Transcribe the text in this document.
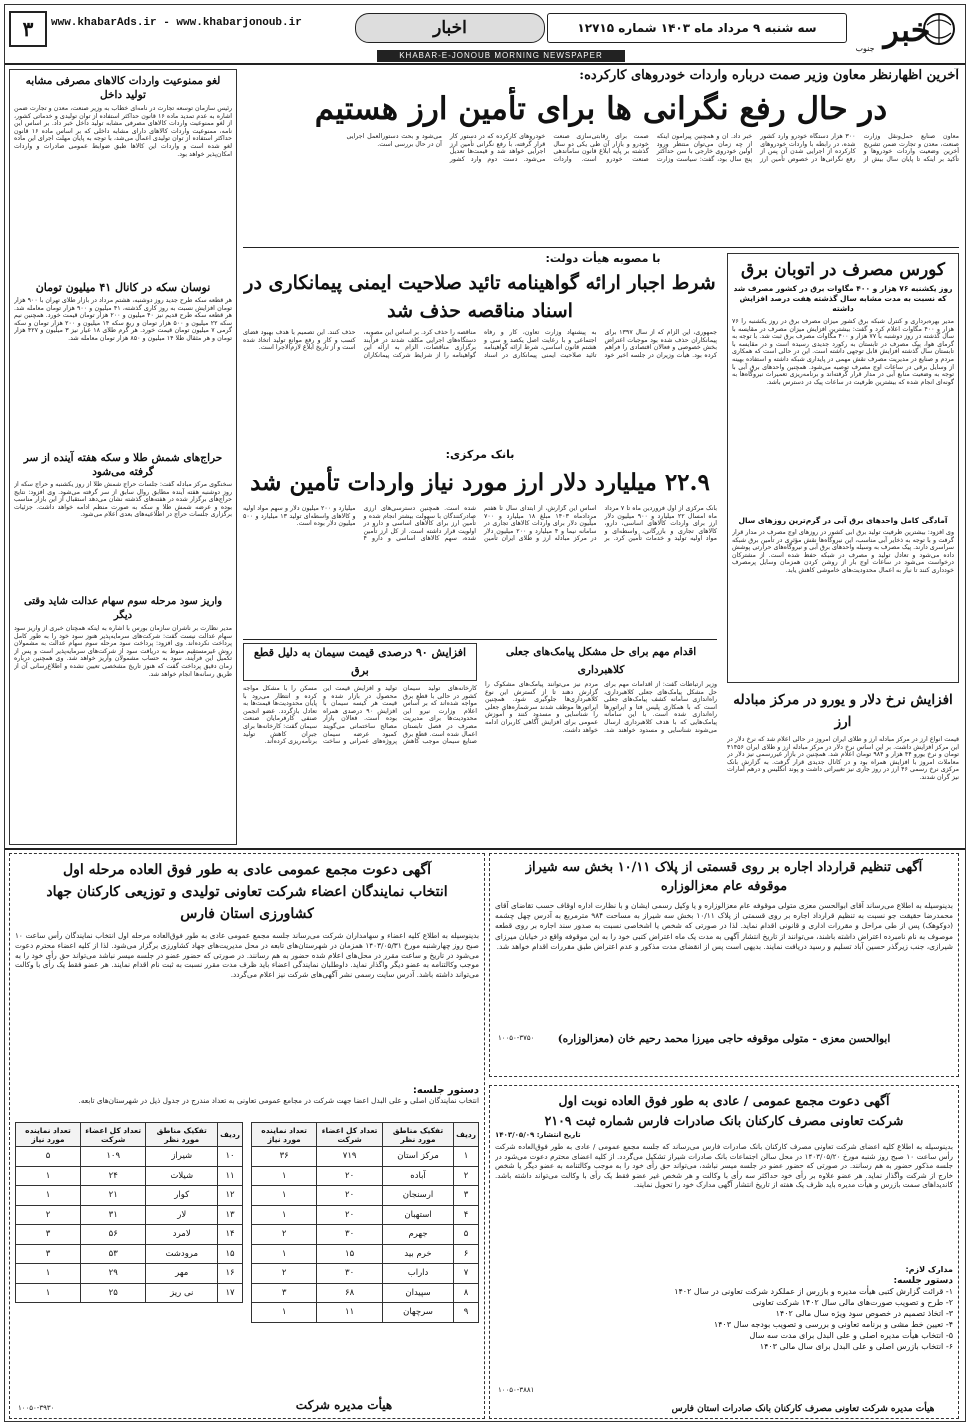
خبر
جنوب
سه شنبه ۹ مرداد ماه ۱۴۰۳ شماره ۱۲۷۱۵
اخبار
www.khabarAds.ir - www.khabarjonoub.ir
۳
KHABAR-E-JONOUB MORNING NEWSPAPER
آخرین اظهارنظر معاون وزیر صمت درباره واردات خودروهای کارکرده:
در حال رفع نگرانی ها برای تأمین ارز هستیم
معاون صنایع حمل‌ونقل وزارت صنعت، معدن و تجارت ضمن تشریح آخرین وضعیت واردات خودروها و تأکید بر اینکه تا پایان سال بیش از ۳۰۰ هزار دستگاه خودرو وارد کشور شده، در رابطه با واردات خودروهای کارکرده از اجرایی شدن آن پس از رفع نگرانی‌ها در خصوص تأمین ارز خبر داد. آن و همچنین پیرامون اینکه از چه زمان می‌توان منتظر ورود اولین خودروی خارجی با سن حداکثر پنج سال بود، گفت: سیاست وزارت صمت برای رقابتی‌سازی صنعت خودرو و بازار آن طی یکی دو سال گذشته بر پایه ابلاغ قانون ساماندهی صنعت خودرو است. واردات خودروهای کارکرده که در دستور کار قرار گرفته، با رفع نگرانی تأمین ارز اجرایی خواهد شد و قیمت‌ها تعدیل می‌شود. دست دوم وارد کشور می‌شود و بحث دستورالعمل اجرایی آن در حال بررسی است.
کورس مصرف در اتوبان برق
روز یکشنبه ۷۶ هزار و ۴۰۰ مگاوات برق در کشور مصرف شد که نسبت به مدت مشابه سال گذشته هفت درصد افزایش داشته
مدیر بهره‌برداری و کنترل شبکه برق کشور میزان مصرف برق در روز یکشنبه را ۷۶ هزار و ۴۰۰ مگاوات اعلام کرد و گفت: بیشترین افزایش میزان مصرف در مقایسه با سال گذشته در روز دوشنبه با ۷۷ هزار و ۴۰۰ مگاوات مصرف برق ثبت شد. با توجه به گرمای هوا، پیک مصرف در تابستان به رکورد جدیدی رسیده است و در مقایسه با تابستان سال گذشته افزایش قابل توجهی داشته است. این در حالی است که همکاری مردم و صنایع در مدیریت مصرف نقش مهمی در پایداری شبکه داشته و استفاده بهینه از وسایل برقی در ساعات اوج مصرف توصیه می‌شود. همچنین واحدهای برق آبی با توجه به وضعیت منابع آبی در مدار قرار گرفته‌اند و برنامه‌ریزی تعمیرات نیروگاه‌ها به گونه‌ای انجام شده که بیشترین ظرفیت در ساعات پیک در دسترس باشد.
آمادگی کامل واحدهای برق آبی در گرم‌ترین روزهای سال
وی افزود: بیشترین ظرفیت تولید برق آبی کشور در روزهای اوج مصرف در مدار قرار گرفت و با توجه به ذخایر آبی مناسب، این نیروگاه‌ها نقش مؤثری در تأمین برق شبکه سراسری دارند. پیک مصرف به وسیله واحدهای برق آبی و نیروگاه‌های حرارتی پوشش داده می‌شود و تعادل تولید و مصرف در شبکه حفظ شده است. از مشترکان درخواست می‌شود در ساعات اوج بار از روشن کردن همزمان وسایل پرمصرف خودداری کنند تا نیاز به اعمال محدودیت‌های خاموشی کاهش یابد.
افزایش نرخ دلار و یورو در مرکز مبادله ارز
قیمت انواع ارز در مرکز مبادله ارز و طلای ایران امروز در حالی اعلام شد که نرخ دلار در این مرکز افزایش داشت. بر این اساس نرخ دلار در مرکز مبادله ارز و طلای ایران ۴۱۴۵۶ تومان و نرخ یورو ۴۴ هزار و ۹۸۴ تومان اعلام شد. همچنین در بازار غیررسمی نیز دلار در معاملات امروز با افزایش همراه بود و در کانال جدیدی قرار گرفت. به گزارش بانک مرکزی نرخ رسمی ۴۶ ارز در روز جاری نیز تغییراتی داشت و پوند انگلیس و درهم امارات نیز گران شدند.
با مصوبه هیأت دولت:
شرط اجبار ارائه گواهینامه تائید صلاحیت ایمنی پیمانکاری در اسناد مناقصه حذف شد
جمهوری، این الزام که از سال ۱۳۹۷ برای پیمانکاران حذف شده بود موجبات اعتراض بخش خصوصی و فعالان اقتصادی را فراهم کرده بود. هیأت وزیران در جلسه اخیر خود به پیشنهاد وزارت تعاون، کار و رفاه اجتماعی و با رعایت اصل یکصد و سی و هشتم قانون اساسی، شرط ارائه گواهینامه تائید صلاحیت ایمنی پیمانکاری در اسناد مناقصه را حذف کرد. بر اساس این مصوبه، دستگاه‌های اجرایی مکلف شدند در فرآیند برگزاری مناقصات، الزام به ارائه این گواهینامه را از شرایط شرکت پیمانکاران حذف کنند. این تصمیم با هدف بهبود فضای کسب و کار و رفع موانع تولید اتخاذ شده است و از تاریخ ابلاغ لازم‌الاجرا است.
بانک مرکزی:
۲۲.۹ میلیارد دلار ارز مورد نیاز واردات تأمین شد
بانک مرکزی از اول فروردین ماه تا ۷ مرداد ماه امسال ۲۲ میلیارد و ۹۰۰ میلیون دلار ارز برای واردات کالاهای اساسی، دارو، کالاهای تجاری و بازرگانی، واسطه‌ای و مواد اولیه تولید و خدمات تأمین کرد. بر اساس این گزارش، از ابتدای سال تا هفتم مردادماه ۱۴۰۳ مبلغ ۱۸ میلیارد و ۷۰۰ میلیون دلار برای واردات کالاهای تجاری در سامانه نیما و ۴ میلیارد و ۲۰۰ میلیون دلار در مرکز مبادله ارز و طلای ایران تأمین شده است. همچنین دسترسی‌های ارزی صادرکنندگان با سهولت بیشتر انجام شده و تأمین ارز برای کالاهای اساسی و دارو در اولویت قرار داشته است. از کل ارز تأمین شده، سهم کالاهای اساسی و دارو ۴ میلیارد و ۲۰۰ میلیون دلار و سهم مواد اولیه و کالاهای واسطه‌ای تولید ۱۳ میلیارد و ۵۰۰ میلیون دلار بوده است.
اقدام مهم برای حل مشکل پیامک‌های جعلی کلاهبرداری
وزیر ارتباطات گفت: از اقدامات مهم برای حل مشکل پیامک‌های جعلی کلاهبرداری، راه‌اندازی سامانه کشف پیامک‌های جعلی است که با همکاری پلیس فتا و اپراتورها راه‌اندازی شده است. با این سامانه پیامک‌هایی که با هدف کلاهبرداری ارسال می‌شوند شناسایی و مسدود خواهند شد. مردم نیز می‌توانند پیامک‌های مشکوک را گزارش دهند تا از گسترش این نوع کلاهبرداری‌ها جلوگیری شود. همچنین اپراتورها موظف شدند سرشماره‌های جعلی را شناسایی و مسدود کنند و آموزش عمومی برای افزایش آگاهی کاربران ادامه خواهد داشت.
افزایش ۹۰ درصدی قیمت سیمان به دلیل قطع برق
کارخانه‌های تولید سیمان کشور در حالی با قطع برق مواجه شده‌اند که بر اساس اعلام وزارت نیرو این محدودیت‌ها برای مدیریت مصرف در فصل تابستان اعمال شده است. قطع برق صنایع سیمان موجب کاهش تولید و افزایش قیمت این محصول در بازار شده و قیمت هر کیسه سیمان با افزایش ۹۰ درصدی همراه بوده است. فعالان بازار مصالح ساختمانی می‌گویند کمبود عرضه سیمان پروژه‌های عمرانی و ساخت مسکن را با مشکل مواجه کرده و انتظار می‌رود با پایان محدودیت‌ها قیمت‌ها به تعادل بازگردد. عضو انجمن صنفی کارفرمایان صنعت سیمان گفت: کارخانه‌ها برای جبران کاهش تولید برنامه‌ریزی کرده‌اند.
لغو ممنوعیت واردات کالاهای مصرفی مشابه تولید داخل
رئیس سازمان توسعه تجارت در نامه‌ای خطاب به وزیر صنعت، معدن و تجارت ضمن اشاره به عدم تمدید ماده ۱۶ قانون حداکثر استفاده از توان تولیدی و خدماتی کشور، از لغو ممنوعیت واردات کالاهای مصرفی مشابه تولید داخل خبر داد. بر اساس این نامه، ممنوعیت واردات کالاهای دارای مشابه داخلی که بر اساس ماده ۱۶ قانون حداکثر استفاده از توان تولیدی اعمال می‌شد، با توجه به پایان مهلت اجرای این ماده لغو شده است و واردات این کالاها طبق ضوابط عمومی صادرات و واردات امکان‌پذیر خواهد بود.
نوسان سکه در کانال ۴۱ میلیون تومان
هر قطعه سکه طرح جدید روز دوشنبه، هشتم مرداد در بازار طلای تهران با ۹۰۰ هزار تومان افزایش نسبت به روز کاری گذشته، ۴۱ میلیون و ۹۰۰ هزار تومان معامله شد. هر قطعه سکه طرح قدیم نیز ۴۰ میلیون و ۲۰۰ هزار تومان قیمت خورد. همچنین نیم سکه ۲۲ میلیون و ۵۰۰ هزار تومان و ربع سکه ۱۴ میلیون و ۲۰۰ هزار تومان و سکه گرمی ۷ میلیون تومان قیمت خورد. هر گرم طلای ۱۸ عیار نیز ۳ میلیون و ۴۲۷ هزار تومان و هر مثقال طلا ۱۴ میلیون و ۸۵۰ هزار تومان معامله شد.
حراج‌های شمش طلا و سکه هفته آینده از سر گرفته می‌شود
سخنگوی مرکز مبادله گفت: جلسات حراج شمش طلا از روز یکشنبه و حراج سکه از روز دوشنبه هفته آینده مطابق روال سابق از سر گرفته می‌شود. وی افزود: نتایج حراج‌های برگزار شده در هفته‌های گذشته نشان می‌دهد استقبال از این بازار مناسب بوده و عرضه شمش طلا و سکه به صورت منظم ادامه خواهد داشت. جزئیات برگزاری جلسات حراج در اطلاعیه‌های بعدی اعلام می‌شود.
واریز سود مرحله سوم سهام عدالت شاید وقتی دیگر
مدیر نظارت بر ناشران سازمان بورس با اشاره به اینکه همچنان خبری از واریز سود سهام عدالت نیست گفت: شرکت‌های سرمایه‌پذیر هنوز سود خود را به طور کامل پرداخت نکرده‌اند. وی افزود: پرداخت سود مرحله سوم سهام عدالت به مشمولان روش غیرمستقیم منوط به دریافت سود از شرکت‌های سرمایه‌پذیر است و پس از تکمیل این فرآیند، سود به حساب مشمولان واریز خواهد شد. وی همچنین درباره زمان دقیق پرداخت گفت که هنوز تاریخ مشخصی تعیین نشده و اطلاع‌رسانی آن از طریق رسانه‌ها انجام خواهد شد.
آگهی تنظیم قرارداد اجاره بر روی قسمتی از پلاک ۱۰/۱۱ بخش سه شیراز
موقوفه عام معزالوزاره
بدینوسیله به اطلاع می‌رساند آقای ابوالحسن معزی متولی موقوفه عام معزالوزاره و یا وکیل رسمی ایشان و با نظارت اداره اوقاف حسب تقاضای آقای محمدرضا حقیقت جو نسبت به تنظیم قرارداد اجاره بر روی قسمتی از پلاک ۱۰/۱۱ بخش سه شیراز به مساحت ۹۸۴ مترمربع به آدرس چهل چشمه (دوکوهک) پس از طی مراحل و مقررات اداری و قانونی اقدام نماید. لذا در صورتی که شخص یا اشخاصی نسبت به صدور سند اجاره بر روی قطعه موصوف به نام نامبرده اعتراض داشته باشند، می‌توانند از تاریخ انتشار آگهی به مدت یک ماه اعتراض کتبی خود را به این موقوفه واقع در خیابان میرزای شیرازی، جنب زیرگذر حسین آباد تسلیم و رسید دریافت نمایند. بدیهی است پس از انقضای مدت مذکور و عدم اعتراض طبق مقررات اقدام خواهد شد.
ابوالحسن معزی - متولی موقوفه حاجی میرزا محمد رحیم خان (معزالوزاره)
۱۰۰۵۰-۳۷۵۰
آگهی دعوت مجمع عمومی / عادی به طور فوق العاده نوبت اول
شرکت تعاونی مصرف کارکنان بانک صادرات فارس شماره ثبت ۲۱۰۹
تاریخ انتشار: ۱۴۰۳/۰۵/۰۹
بدینوسیله به اطلاع کلیه اعضای شرکت تعاونی مصرف کارکنان بانک صادرات فارس می‌رساند که جلسه مجمع عمومی / عادی به طور فوق‌العاده شرکت رأس ساعت ۱۰ صبح روز شنبه مورخ ۱۴۰۳/۰۵/۲۰ در محل سالن اجتماعات بانک صادرات شیراز تشکیل می‌گردد. از کلیه اعضای محترم دعوت می‌شود در جلسه مذکور حضور به هم رسانند. در صورتی که حضور عضو در جلسه میسر نباشد، می‌تواند حق رأی خود را به موجب وکالتنامه به عضو دیگر یا شخص خارج از شرکت واگذار نماید. هر عضو علاوه بر رأی خود حداکثر سه رأی با وکالت و هر شخص غیر عضو فقط یک رأی با وکالت می‌تواند داشته باشد. کاندیداهای سمت بازرس و هیأت مدیره باید ظرف یک هفته از تاریخ انتشار آگهی مدارک خود را تحویل نمایند.
مدارک لازم:
دستور جلسه:
۱- قرائت گزارش کتبی هیأت مدیره و بازرس از عملکرد شرکت تعاونی در سال ۱۴۰۲
۲- طرح و تصویب صورت‌های مالی سال ۱۴۰۲ شرکت تعاونی
۳- اتخاذ تصمیم در خصوص سود ویژه سال مالی ۱۴۰۲
۴- تعیین خط مشی و برنامه تعاونی و بررسی و تصویب بودجه سال ۱۴۰۳
۵- انتخاب هیأت مدیره اصلی و علی البدل برای مدت سه سال
۶- انتخاب بازرس اصلی و علی البدل برای سال مالی ۱۴۰۳
۱۰۰۵۰-۳۸۸۱
هیأت مدیره شرکت تعاونی مصرف کارکنان بانک صادرات استان فارس
آگهی دعوت مجمع عمومی عادی به طور فوق العاده مرحله اول
انتخاب نمایندگان اعضاء شرکت تعاونی تولیدی و توزیعی کارکنان جهاد کشاورزی استان فارس
بدینوسیله به اطلاع کلیه اعضاء و سهامداران شرکت می‌رساند جلسه مجمع عمومی عادی به طور فوق‌العاده مرحله اول انتخاب نمایندگان رأس ساعت ۱۰ صبح روز چهارشنبه مورخ ۱۴۰۳/۰۵/۳۱ همزمان در شهرستان‌های تابعه در محل مدیریت‌های جهاد کشاورزی برگزار می‌شود. لذا از کلیه اعضاء محترم دعوت می‌شود در تاریخ و ساعت مقرر در محل‌های اعلام شده حضور به هم رسانند. در صورتی که حضور عضو در جلسه میسر نباشد می‌تواند حق رأی خود را به موجب وکالتنامه به عضو دیگر واگذار نماید. داوطلبان نمایندگی اعضاء باید ظرف مدت مقرر نسبت به ثبت نام اقدام نمایند. هر عضو فقط یک رأی با وکالت می‌تواند داشته باشد. آدرس سایت رسمی نشر آگهی‌های شرکت نیز اعلام می‌گردد.
دستور جلسه:
انتخاب نمایندگان اصلی و علی البدل اعضا جهت شرکت در مجامع عمومی تعاونی به تعداد مندرج در جدول ذیل در شهرستان‌های تابعه.
ردیف	تفکیک مناطق مورد نظر	تعداد کل اعضاء شرکت	تعداد نماینده مورد نیاز
۱	مرکز استان	۷۱۹	۳۶
۲	آباده	۲۰	۱
۳	ارسنجان	۲۰	۱
۴	استهبان	۲۰	۱
۵	جهرم	۳۰	۲
۶	خرم بید	۱۵	۱
۷	داراب	۳۰	۲
۸	سپیدان	۶۸	۳
۹	سرچهان	۱۱	۱
ردیف	تفکیک مناطق مورد نظر	تعداد کل اعضاء شرکت	تعداد نماینده مورد نیاز
۱۰	شیراز	۱۰۹	۵
۱۱	شیلات	۲۴	۱
۱۲	کوار	۲۱	۱
۱۳	لار	۳۱	۲
۱۴	لامرد	۵۶	۳
۱۵	مرودشت	۵۳	۳
۱۶	مهر	۲۹	۱
۱۷	نی ریز	۲۵	۱
هیأت مدیره شرکت
۱۰۰۵۰-۳۹۳۰
